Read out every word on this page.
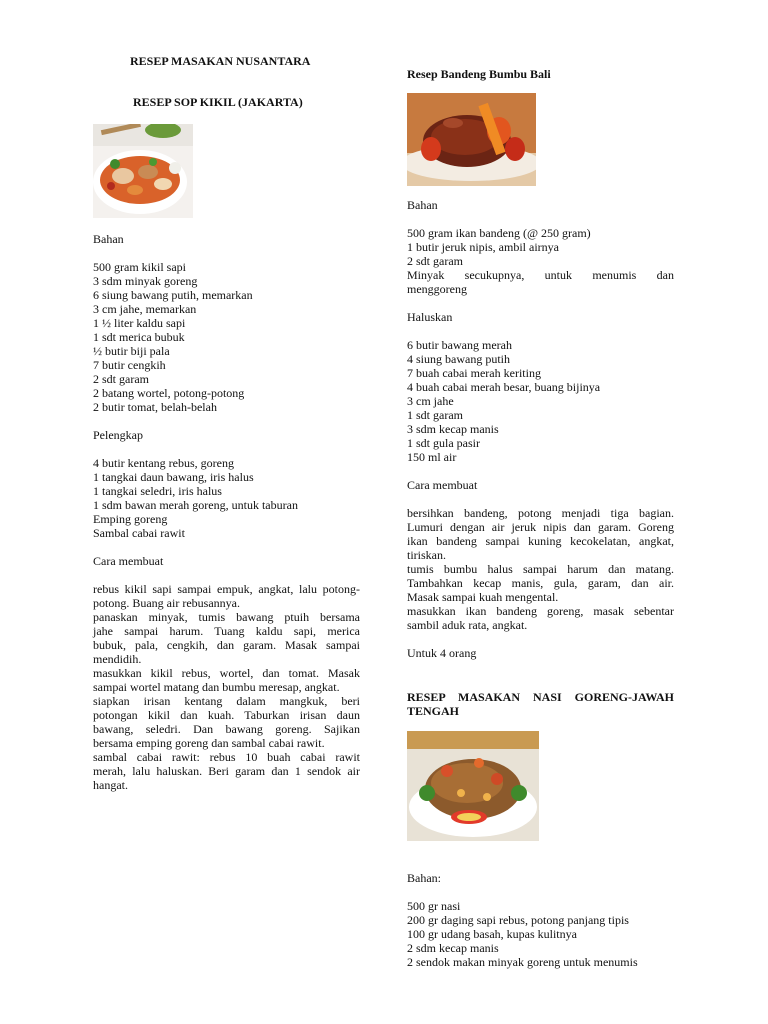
RESEP MASAKAN NUSANTARA
RESEP SOP KIKIL (JAKARTA)
Bahan
500 gram kikil sapi
3 sdm minyak goreng
6 siung bawang putih, memarkan
3 cm jahe, memarkan
1 ½ liter kaldu sapi
1 sdt merica bubuk
½ butir biji pala
7 butir cengkih
2 sdt garam
2 batang wortel, potong-potong
2 butir tomat, belah-belah
Pelengkap
4 butir kentang rebus, goreng
1 tangkai daun bawang, iris halus
1 tangkai seledri, iris halus
1 sdm bawan merah goreng, untuk taburan
Emping goreng
Sambal cabai rawit
Cara membuat
rebus kikil sapi sampai empuk, angkat, lalu potong-
potong. Buang air rebusannya.
panaskan minyak, tumis bawang ptuih bersama
jahe sampai harum. Tuang kaldu sapi, merica
bubuk, pala, cengkih, dan garam. Masak sampai
mendidih.
masukkan kikil rebus, wortel, dan tomat. Masak
sampai wortel matang dan bumbu meresap, angkat.
siapkan irisan kentang dalam mangkuk, beri
potongan kikil dan kuah. Taburkan irisan daun
bawang, seledri. Dan bawang goreng. Sajikan
bersama emping goreng dan sambal cabai rawit.
sambal cabai rawit: rebus 10 buah cabai rawit
merah, lalu haluskan. Beri garam dan 1 sendok air
hangat.
Resep Bandeng Bumbu Bali
Bahan
500 gram ikan bandeng (@ 250 gram)
1 butir jeruk nipis, ambil airnya
2 sdt garam
Minyak secukupnya, untuk menumis dan
menggoreng
Haluskan
6 butir bawang merah
4 siung bawang putih
7 buah cabai merah keriting
4 buah cabai merah besar, buang bijinya
3 cm jahe
1 sdt garam
3 sdm kecap manis
1 sdt gula pasir
150 ml air
Cara membuat
bersihkan bandeng, potong menjadi tiga bagian.
Lumuri dengan air jeruk nipis dan garam. Goreng
ikan bandeng sampai kuning kecokelatan, angkat,
tiriskan.
tumis bumbu halus sampai harum dan matang.
Tambahkan kecap manis, gula, garam, dan air.
Masak sampai kuah mengental.
masukkan ikan bandeng goreng, masak sebentar
sambil aduk rata, angkat.
Untuk 4 orang
RESEP MASAKAN NASI GORENG-JAWAH
TENGAH
Bahan:
500 gr nasi
200 gr daging sapi rebus, potong panjang tipis
100 gr udang basah, kupas kulitnya
2 sdm kecap manis
2 sendok makan minyak goreng untuk menumis
